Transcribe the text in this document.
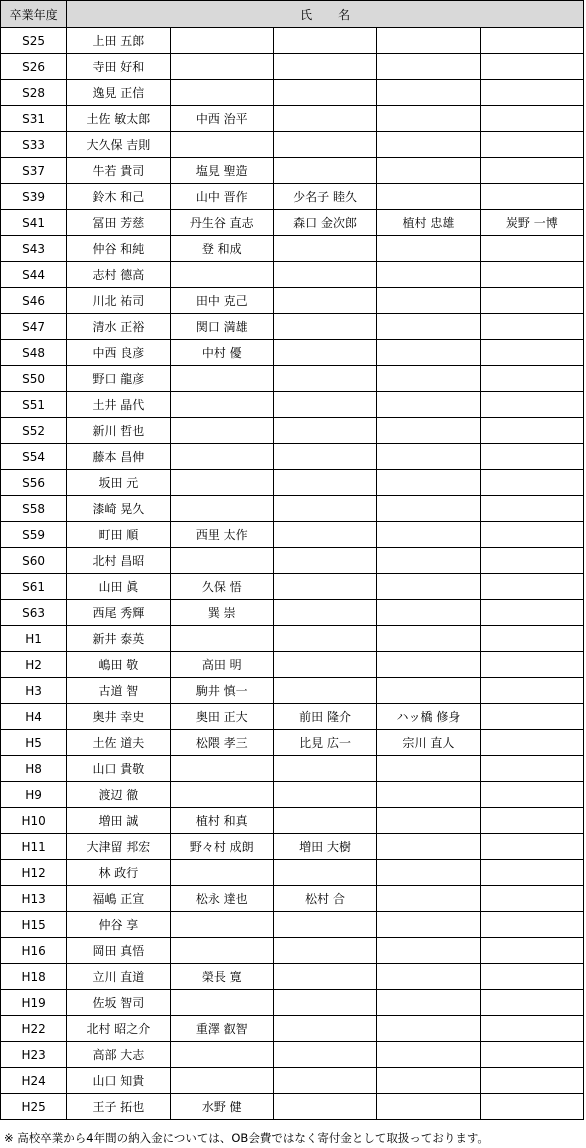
卒業年度	氏 名				
S25	上田 五郎				
S26	寺田 好和				
S28	逸見 正信				
S31	土佐 敏太郎	中西 治平			
S33	大久保 吉則				
S37	牛若 貴司	塩見 聖造			
S39	鈴木 和己	山中 晋作	少名子 睦久		
S41	冨田 芳慈	丹生谷 直志	森口 金次郎	植村 忠雄	炭野 一博
S43	仲谷 和純	登 和成			
S44	志村 德高				
S46	川北 祐司	田中 克己			
S47	清水 正裕	関口 満雄			
S48	中西 良彦	中村 優			
S50	野口 龍彦				
S51	土井 晶代				
S52	新川 哲也				
S54	藤本 昌伸				
S56	坂田 元				
S58	漆崎 晃久				
S59	町田 順	西里 太作			
S60	北村 昌昭				
S61	山田 眞	久保 悟			
S63	西尾 秀輝	巽 崇			
H1	新井 泰英				
H2	嶋田 敬	高田 明			
H3	古道 智	駒井 慎一			
H4	奥井 幸史	奥田 正大	前田 隆介	ハッ橋 修身	
H5	土佐 道夫	松隈 孝三	比見 広一	宗川 直人	
H8	山口 貴敬				
H9	渡辺 徹				
H10	増田 誠	植村 和真			
H11	大津留 邦宏	野々村 成朗	増田 大樹		
H12	林 政行				
H13	福嶋 正宣	松永 達也	松村 合		
H15	仲谷 享				
H16	岡田 真悟				
H18	立川 直道	榮長 寛			
H19	佐坂 智司				
H22	北村 昭之介	重澤 叡智			
H23	高部 大志				
H24	山口 知貴				
H25	王子 拓也	水野 健			
※ 高校卒業から4年間の納入金については、OB会費ではなく寄付金として取扱っております。
